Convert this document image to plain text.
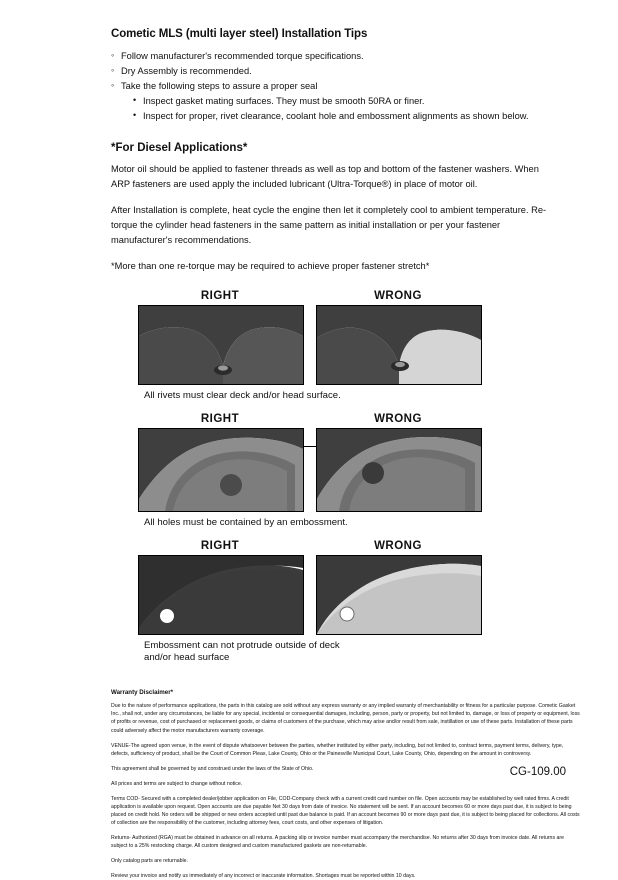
Cometic MLS (multi layer steel) Installation Tips
◦ Follow manufacturer's recommended torque specifications.
◦ Dry Assembly is recommended.
◦ Take the following steps to assure a proper seal
• Inspect gasket mating surfaces. They must be smooth 50RA or finer.
• Inspect for proper, rivet clearance, coolant hole and embossment alignments as shown below.
*For Diesel Applications*

Motor oil should be applied to fastener threads as well as top and bottom of the fastener washers. When ARP fasteners are used apply the included lubricant (Ultra-Torque®) in place of motor oil.

After Installation is complete, heat cycle the engine then let it completely cool to ambient temperature. Re-torque the cylinder head fasteners in the same pattern as initial installation or per your fastener manufacturer's recommendations.

*More than one re-torque may be required to achieve proper fastener stretch*

RIGHT	WRONG
All rivets must clear deck and/or head surface.
RIGHT	WRONG
All holes must be contained by an embossment.
RIGHT	WRONG
Embossment can not protrude outside of deck
and/or head surface
Warranty Disclaimer*

Due to the nature of performance applications, the parts in this catalog are sold without any express warranty or any implied warranty of merchantability or fitness for a particular purpose. Cometic Gasket Inc., shall not, under any circumstances, be liable for any special, incidental or consequential damages, including, person, party or property, but not limited to, damage, or loss of property or equipment, loss of profits or revenue, cost of purchased or replacement goods, or claims of customers of the purchase, which may arise and/or result from sale, instillation or use of these parts. Installation of these parts could adversely affect the motor manufacturers warranty coverage.

VENUE-The agreed upon venue, in the event of dispute whatsoever between the parties, whether instituted by either party, including, but not limited to, contract terms, payment terms, delivery, type, defects, sufficiency of product, shall be the Court of Common Pleas, Lake County, Ohio or the Painesville Municipal Court, Lake County, Ohio, depending on the amount in controversy.

This agreement shall be governed by and construed under the laws of the State of Ohio.

All prices and terms are subject to change without notice.

Terms COD- Secured with a completed dealer/jobber application on File, COD-Company check with a current credit card number on file. Open accounts may be established by well rated firms. A credit application is available upon request. Open accounts are due payable Net 30 days from date of invoice. No statement will be sent. If an account becomes 60 or more days past due, it is subject to being placed on credit hold. No orders will be shipped or new orders accepted until past due balance is paid. If an account becomes 90 or more days past due, it is subject to being placed for collections. All costs of collection are the responsibility of the customer, including attorney fees, court costs, and other expenses of litigation.

Returns- Authorized (RGA) must be obtained in advance on all returns. A packing slip or invoice number must accompany the merchandise. No returns after 30 days from invoice date. All returns are subject to a 25% restocking charge. All custom designed and custom manufactured gaskets are non-returnable.

Only catalog parts are returnable.

Review your invoice and notify us immediately of any incorrect or inaccurate information. Shortages must be reported within 10 days.

CG-109.00
